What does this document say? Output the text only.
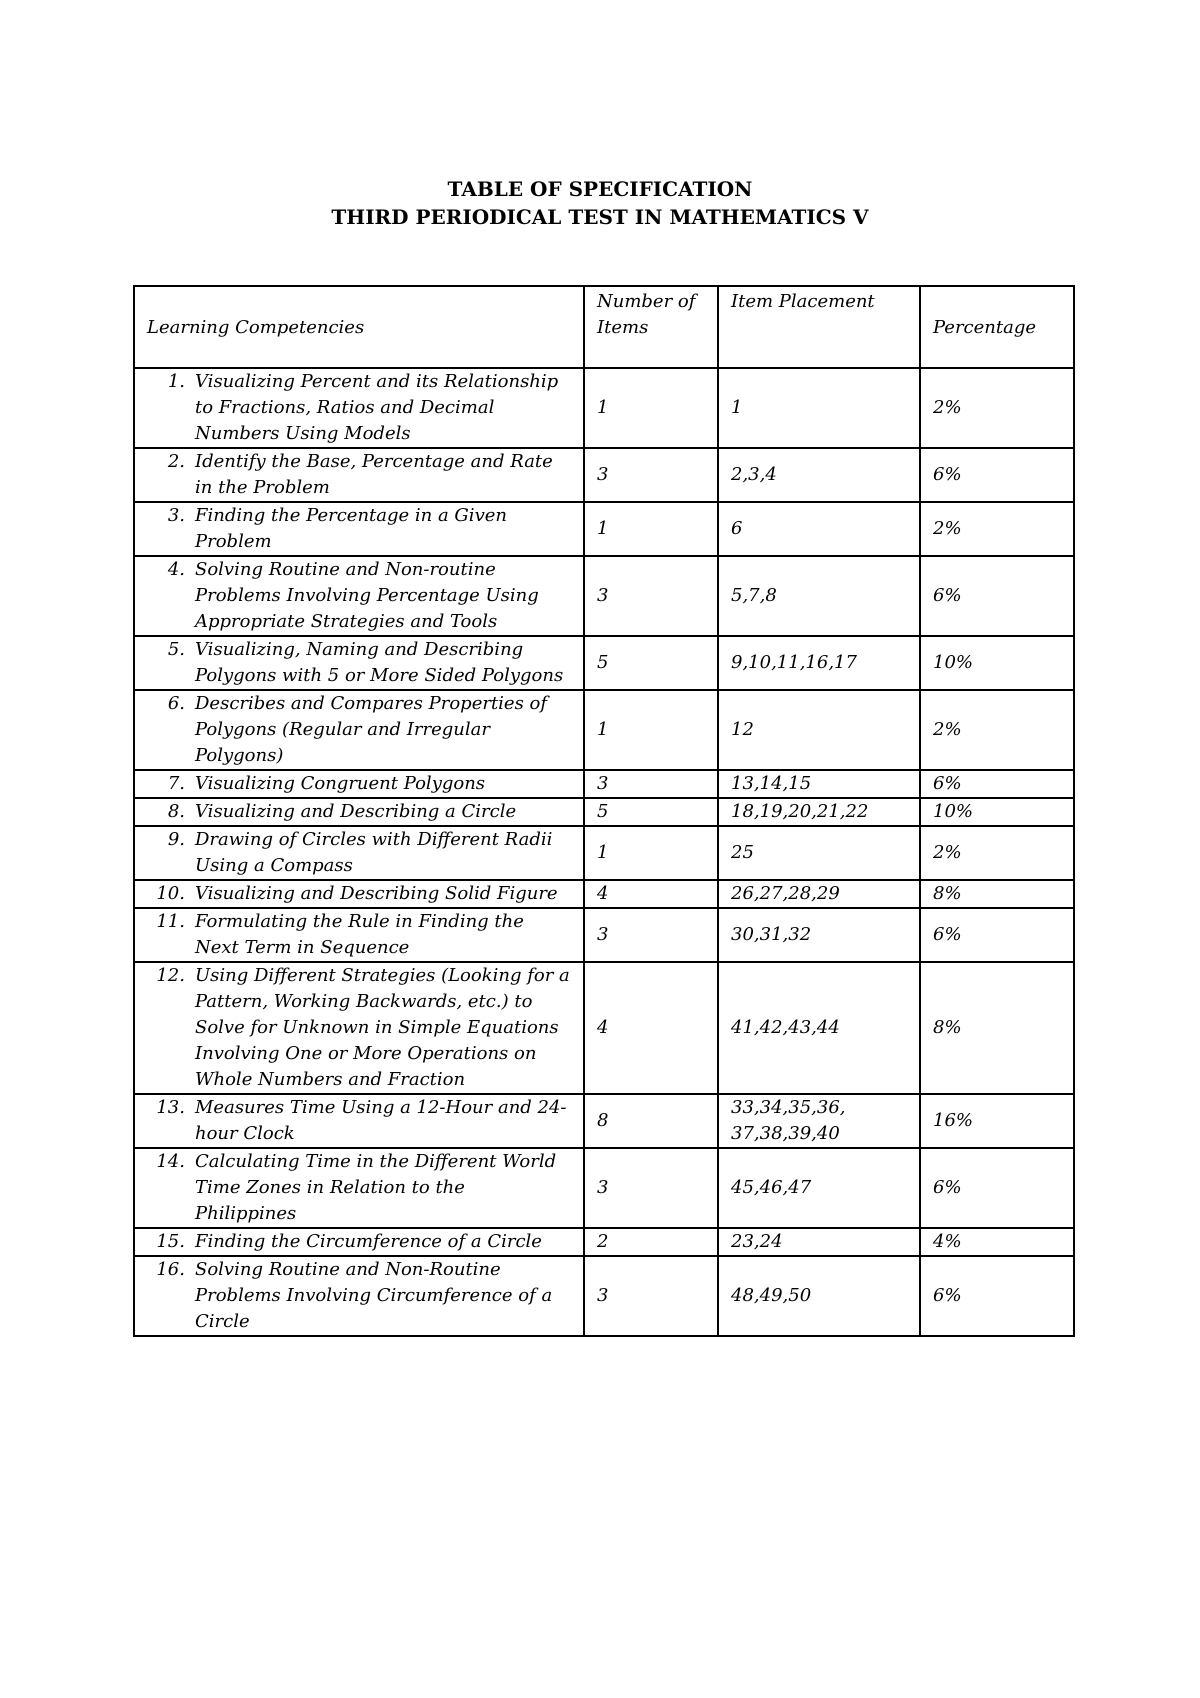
TABLE OF SPECIFICATION
THIRD PERIODICAL TEST IN MATHEMATICS V
Learning Competencies	Number of Items	Item Placement	Percentage

1. Visualizing Percent and its Relationship to Fractions, Ratios and Decimal Numbers Using Models	1	1	2%

2. Identify the Base, Percentage and Rate in the Problem	3	2,3,4	6%

3. Finding the Percentage in a Given Problem	1	6	2%

4. Solving Routine and Non-routine Problems Involving Percentage Using Appropriate Strategies and Tools	3	5,7,8	6%

5. Visualizing, Naming and Describing Polygons with 5 or More Sided Polygons	5	9,10,11,16,17	10%

6. Describes and Compares Properties of Polygons (Regular and Irregular Polygons)	1	12	2%

7. Visualizing Congruent Polygons	3	13,14,15	6%

8. Visualizing and Describing a Circle	5	18,19,20,21,22	10%

9. Drawing of Circles with Different Radii Using a Compass	1	25	2%

10. Visualizing and Describing Solid Figure	4	26,27,28,29	8%

11. Formulating the Rule in Finding the Next Term in Sequence	3	30,31,32	6%

12. Using Different Strategies (Looking for a Pattern, Working Backwards, etc.) to Solve for Unknown in Simple Equations Involving One or More Operations on Whole Numbers and Fraction	4	41,42,43,44	8%

13. Measures Time Using a 12-Hour and 24-hour Clock	8	33,34,35,36, 37,38,39,40	16%

14. Calculating Time in the Different World Time Zones in Relation to the Philippines	3	45,46,47	6%

15. Finding the Circumference of a Circle	2	23,24	4%

16. Solving Routine and Non-Routine Problems Involving Circumference of a Circle	3	48,49,50	6%
